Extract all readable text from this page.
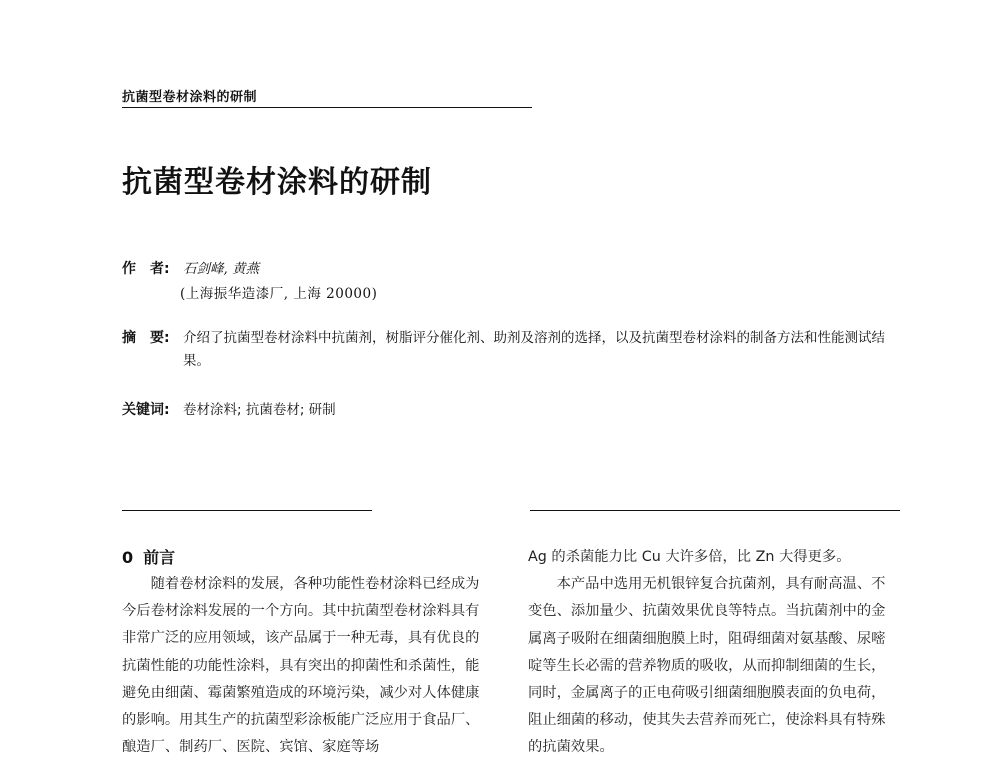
抗菌型卷材涂料的研制
抗菌型卷材涂料的研制
作　者: 石剑峰, 黄燕
(上海振华造漆厂, 上海 20000)
摘　要: 介绍了抗菌型卷材涂料中抗菌剂，树脂评分催化剂、助剂及溶剂的选择，以及抗菌型卷材涂料的制备方法和性能测试结果。
关键词: 卷材涂料; 抗菌卷材; 研制
0 前言

随着卷材涂料的发展，各种功能性卷材涂料已经成为今后卷材涂料发展的一个方向。其中抗菌型卷材涂料具有非常广泛的应用领域，该产品属于一种无毒，具有优良的抗菌性能的功能性涂料，具有突出的抑菌性和杀菌性，能避免由细菌、霉菌繁殖造成的环境污染，减少对人体健康的影响。用其生产的抗菌型彩涂板能广泛应用于食品厂、酿造厂、制药厂、医院、宾馆、家庭等场

Ag 的杀菌能力比 Cu 大许多倍，比 Zn 大得更多。

本产品中选用无机银锌复合抗菌剂，具有耐高温、不变色、添加量少、抗菌效果优良等特点。当抗菌剂中的金属离子吸附在细菌细胞膜上时，阻碍细菌对氨基酸、尿嘧啶等生长必需的营养物质的吸收，从而抑制细菌的生长，同时，金属离子的正电荷吸引细菌细胞膜表面的负电荷，阻止细菌的移动，使其失去营养而死亡，使涂料具有特殊的抗菌效果。
